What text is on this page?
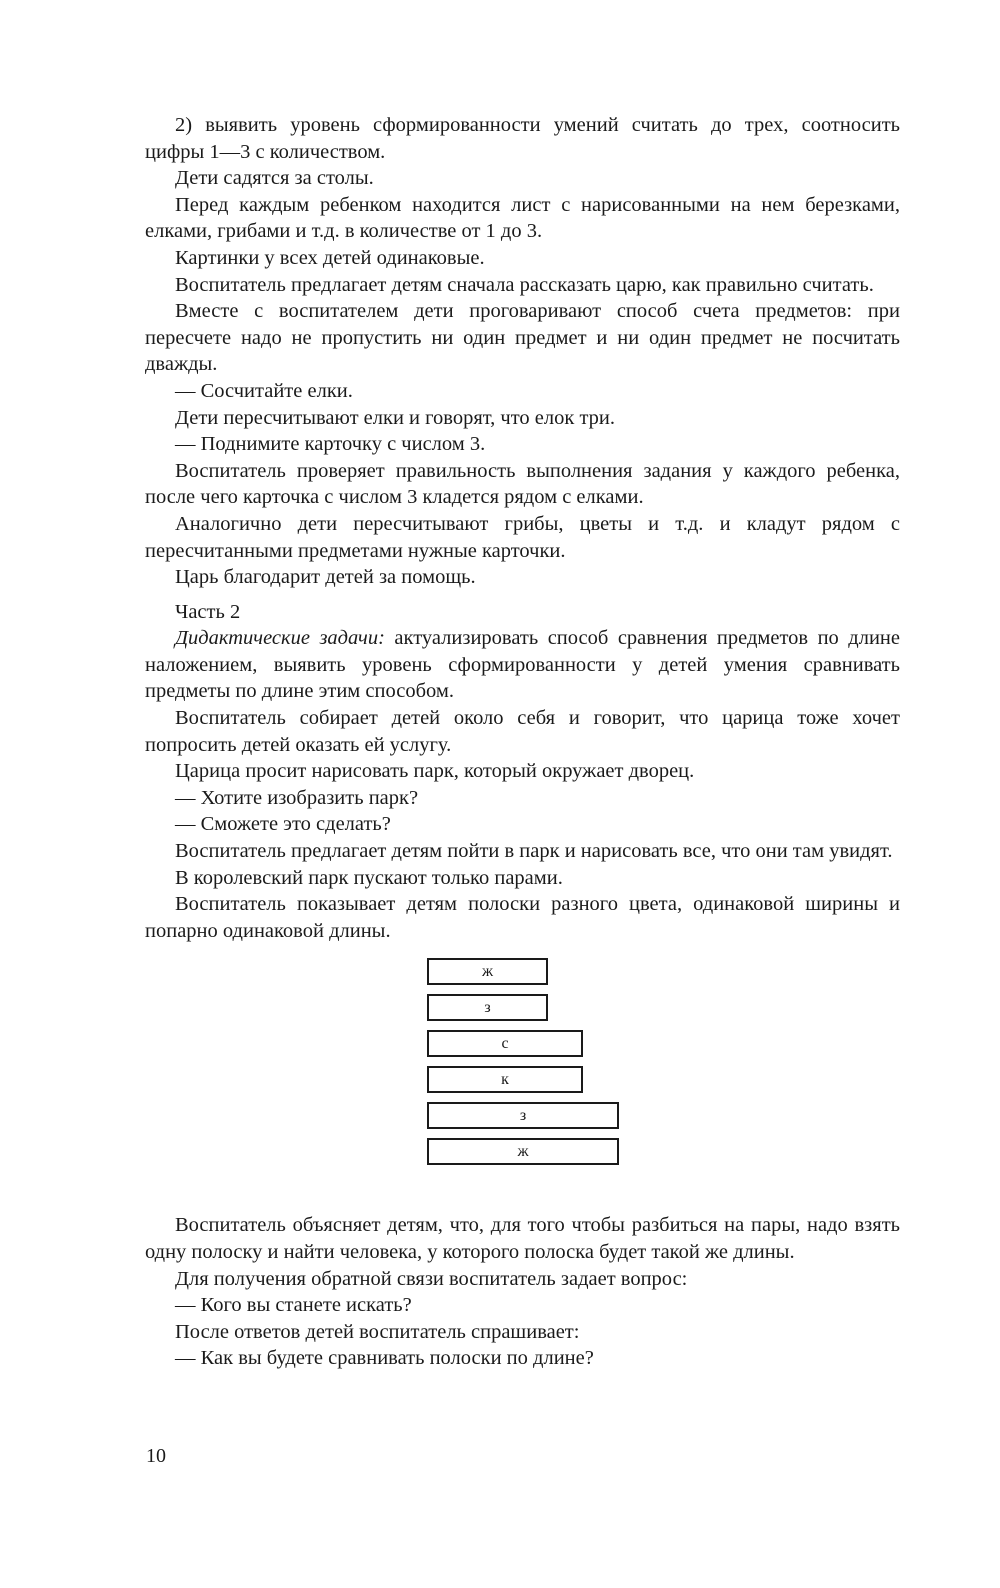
2) выявить уровень сформированности умений считать до трех, соотносить цифры 1—3 с количеством.

Дети садятся за столы.

Перед каждым ребенком находится лист с нарисованными на нем березками, елками, грибами и т.д. в количестве от 1 до 3.

Картинки у всех детей одинаковые.

Воспитатель предлагает детям сначала рассказать царю, как правильно считать.

Вместе с воспитателем дети проговаривают способ счета предметов: при пересчете надо не пропустить ни один предмет и ни один предмет не посчитать дважды.

— Сосчитайте елки.

Дети пересчитывают елки и говорят, что елок три.

— Поднимите карточку с числом 3.

Воспитатель проверяет правильность выполнения задания у каждого ребенка, после чего карточка с числом 3 кладется рядом с елками.

Аналогично дети пересчитывают грибы, цветы и т.д. и кладут рядом с пересчитанными предметами нужные карточки.

Царь благодарит детей за помощь.

Часть 2

Дидактические задачи: актуализировать способ сравнения предметов по длине наложением, выявить уровень сформированности у детей умения сравнивать предметы по длине этим способом.

Воспитатель собирает детей около себя и говорит, что царица тоже хочет попросить детей оказать ей услугу.

Царица просит нарисовать парк, который окружает дворец.

— Хотите изобразить парк?

— Сможете это сделать?

Воспитатель предлагает детям пойти в парк и нарисовать все, что они там увидят.

В королевский парк пускают только парами.

Воспитатель показывает детям полоски разного цвета, одинаковой ширины и попарно одинаковой длины.

ж
з
с
к
з
ж

Воспитатель объясняет детям, что, для того чтобы разбиться на пары, надо взять одну полоску и найти человека, у которого полоска будет такой же длины.

Для получения обратной связи воспитатель задает вопрос:

— Кого вы станете искать?

После ответов детей воспитатель спрашивает:

— Как вы будете сравнивать полоски по длине?

10
